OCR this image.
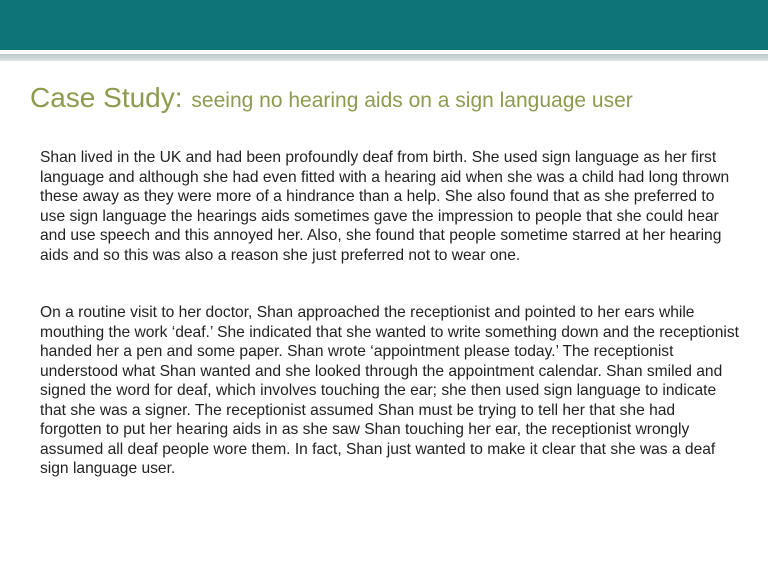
Case Study: seeing no hearing aids on a sign language user

Shan lived in the UK and had been profoundly deaf from birth. She used sign language as her first language and although she had even fitted with a hearing aid when she was a child had long thrown these away as they were more of a hindrance than a help. She also found that as she preferred to use sign language the hearings aids sometimes gave the impression to people that she could hear and use speech and this annoyed her. Also, she found that people sometime starred at her hearing aids and so this was also a reason she just preferred not to wear one.

On a routine visit to her doctor, Shan approached the receptionist and pointed to her ears while mouthing the work ‘deaf.’ She indicated that she wanted to write something down and the receptionist handed her a pen and some paper. Shan wrote ‘appointment please today.’ The receptionist understood what Shan wanted and she looked through the appointment calendar. Shan smiled and signed the word for deaf, which involves touching the ear; she then used sign language to indicate that she was a signer. The receptionist assumed Shan must be trying to tell her that she had forgotten to put her hearing aids in as she saw Shan touching her ear, the receptionist wrongly assumed all deaf people wore them. In fact, Shan just wanted to make it clear that she was a deaf sign language user.
